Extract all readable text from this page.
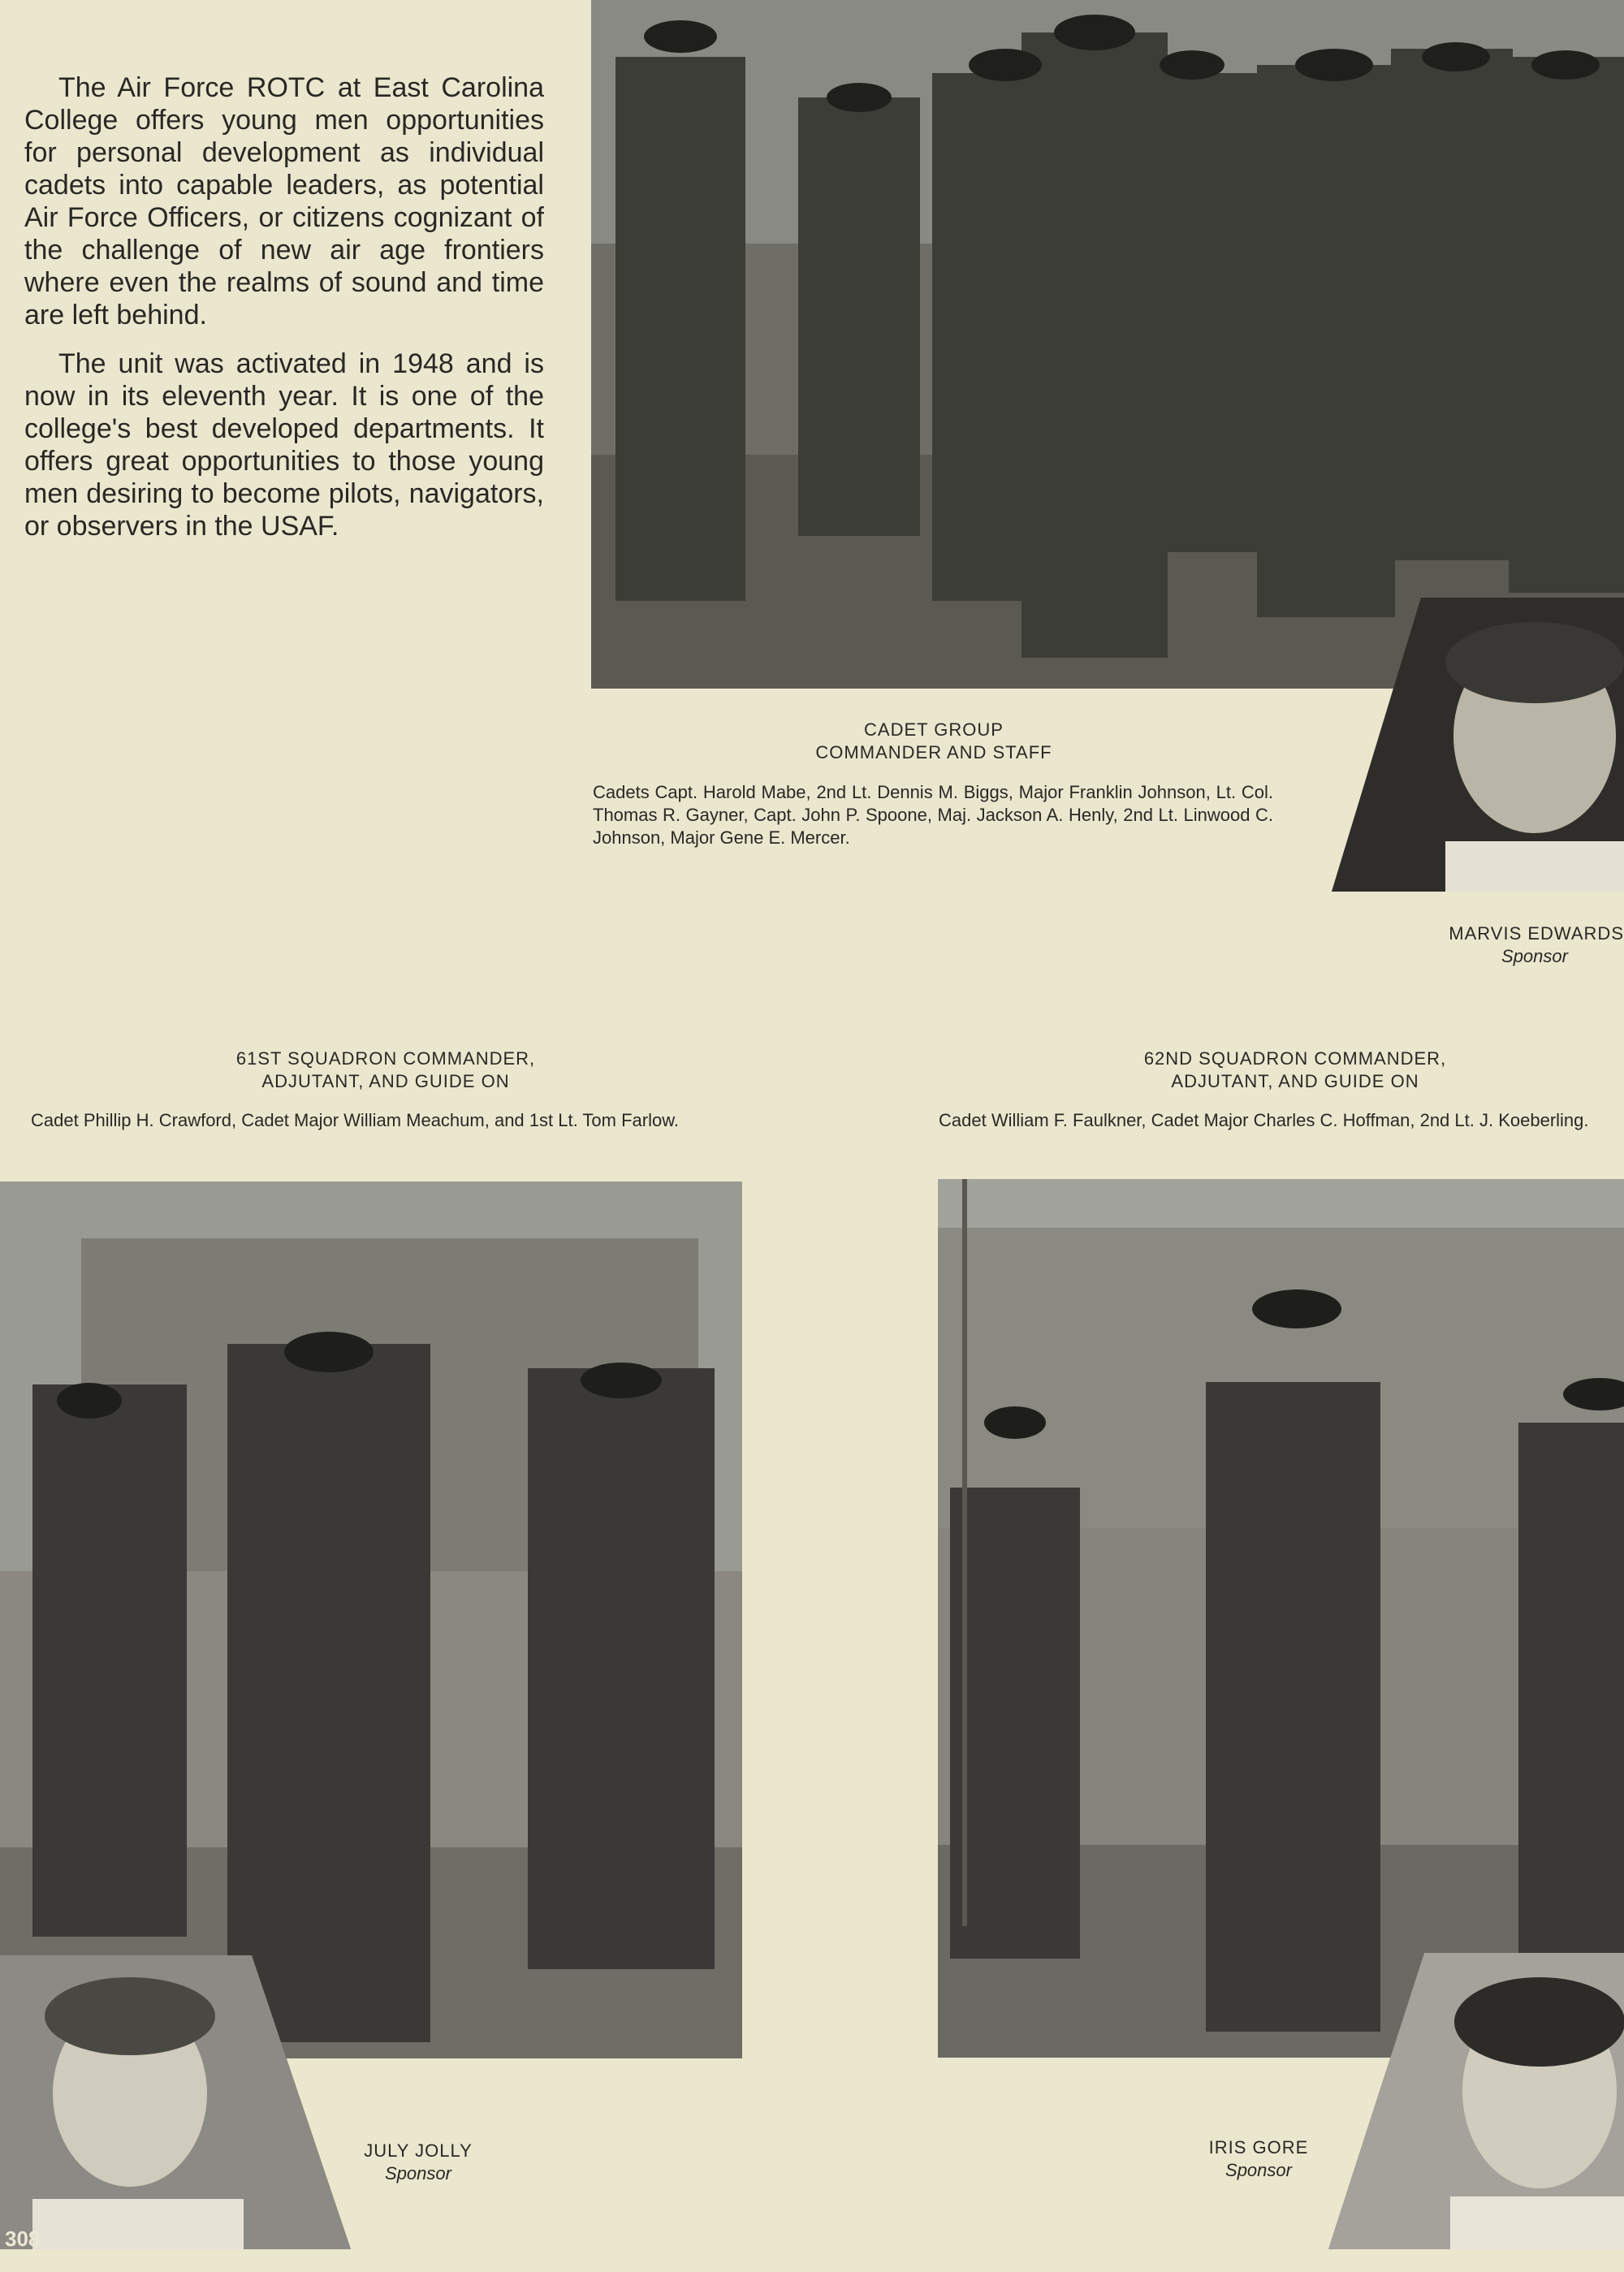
The Air Force ROTC at East Carolina College offers young men opportunities for personal development as individual cadets into capable leaders, as potential Air Force Officers, or citizens cognizant of the challenge of new air age frontiers where even the realms of sound and time are left behind.

The unit was activated in 1948 and is now in its eleventh year. It is one of the college's best developed departments. It offers great opportunities to those young men desiring to become pilots, navigators, or observers in the USAF.

CADET GROUP
COMMANDER AND STAFF
Cadets Capt. Harold Mabe, 2nd Lt. Dennis M. Biggs, Major Franklin Johnson, Lt. Col. Thomas R. Gayner, Capt. John P. Spoone, Maj. Jackson A. Henly, 2nd Lt. Linwood C. Johnson, Major Gene E. Mercer.
MARVIS EDWARDS
Sponsor
61ST SQUADRON COMMANDER,
ADJUTANT, AND GUIDE ON
Cadet Phillip H. Crawford, Cadet Major William Meachum, and 1st Lt. Tom Farlow.
62ND SQUADRON COMMANDER,
ADJUTANT, AND GUIDE ON
Cadet William F. Faulkner, Cadet Major Charles C. Hoffman, 2nd Lt. J. Koeberling.
JULY JOLLY
Sponsor
IRIS GORE
Sponsor
308
